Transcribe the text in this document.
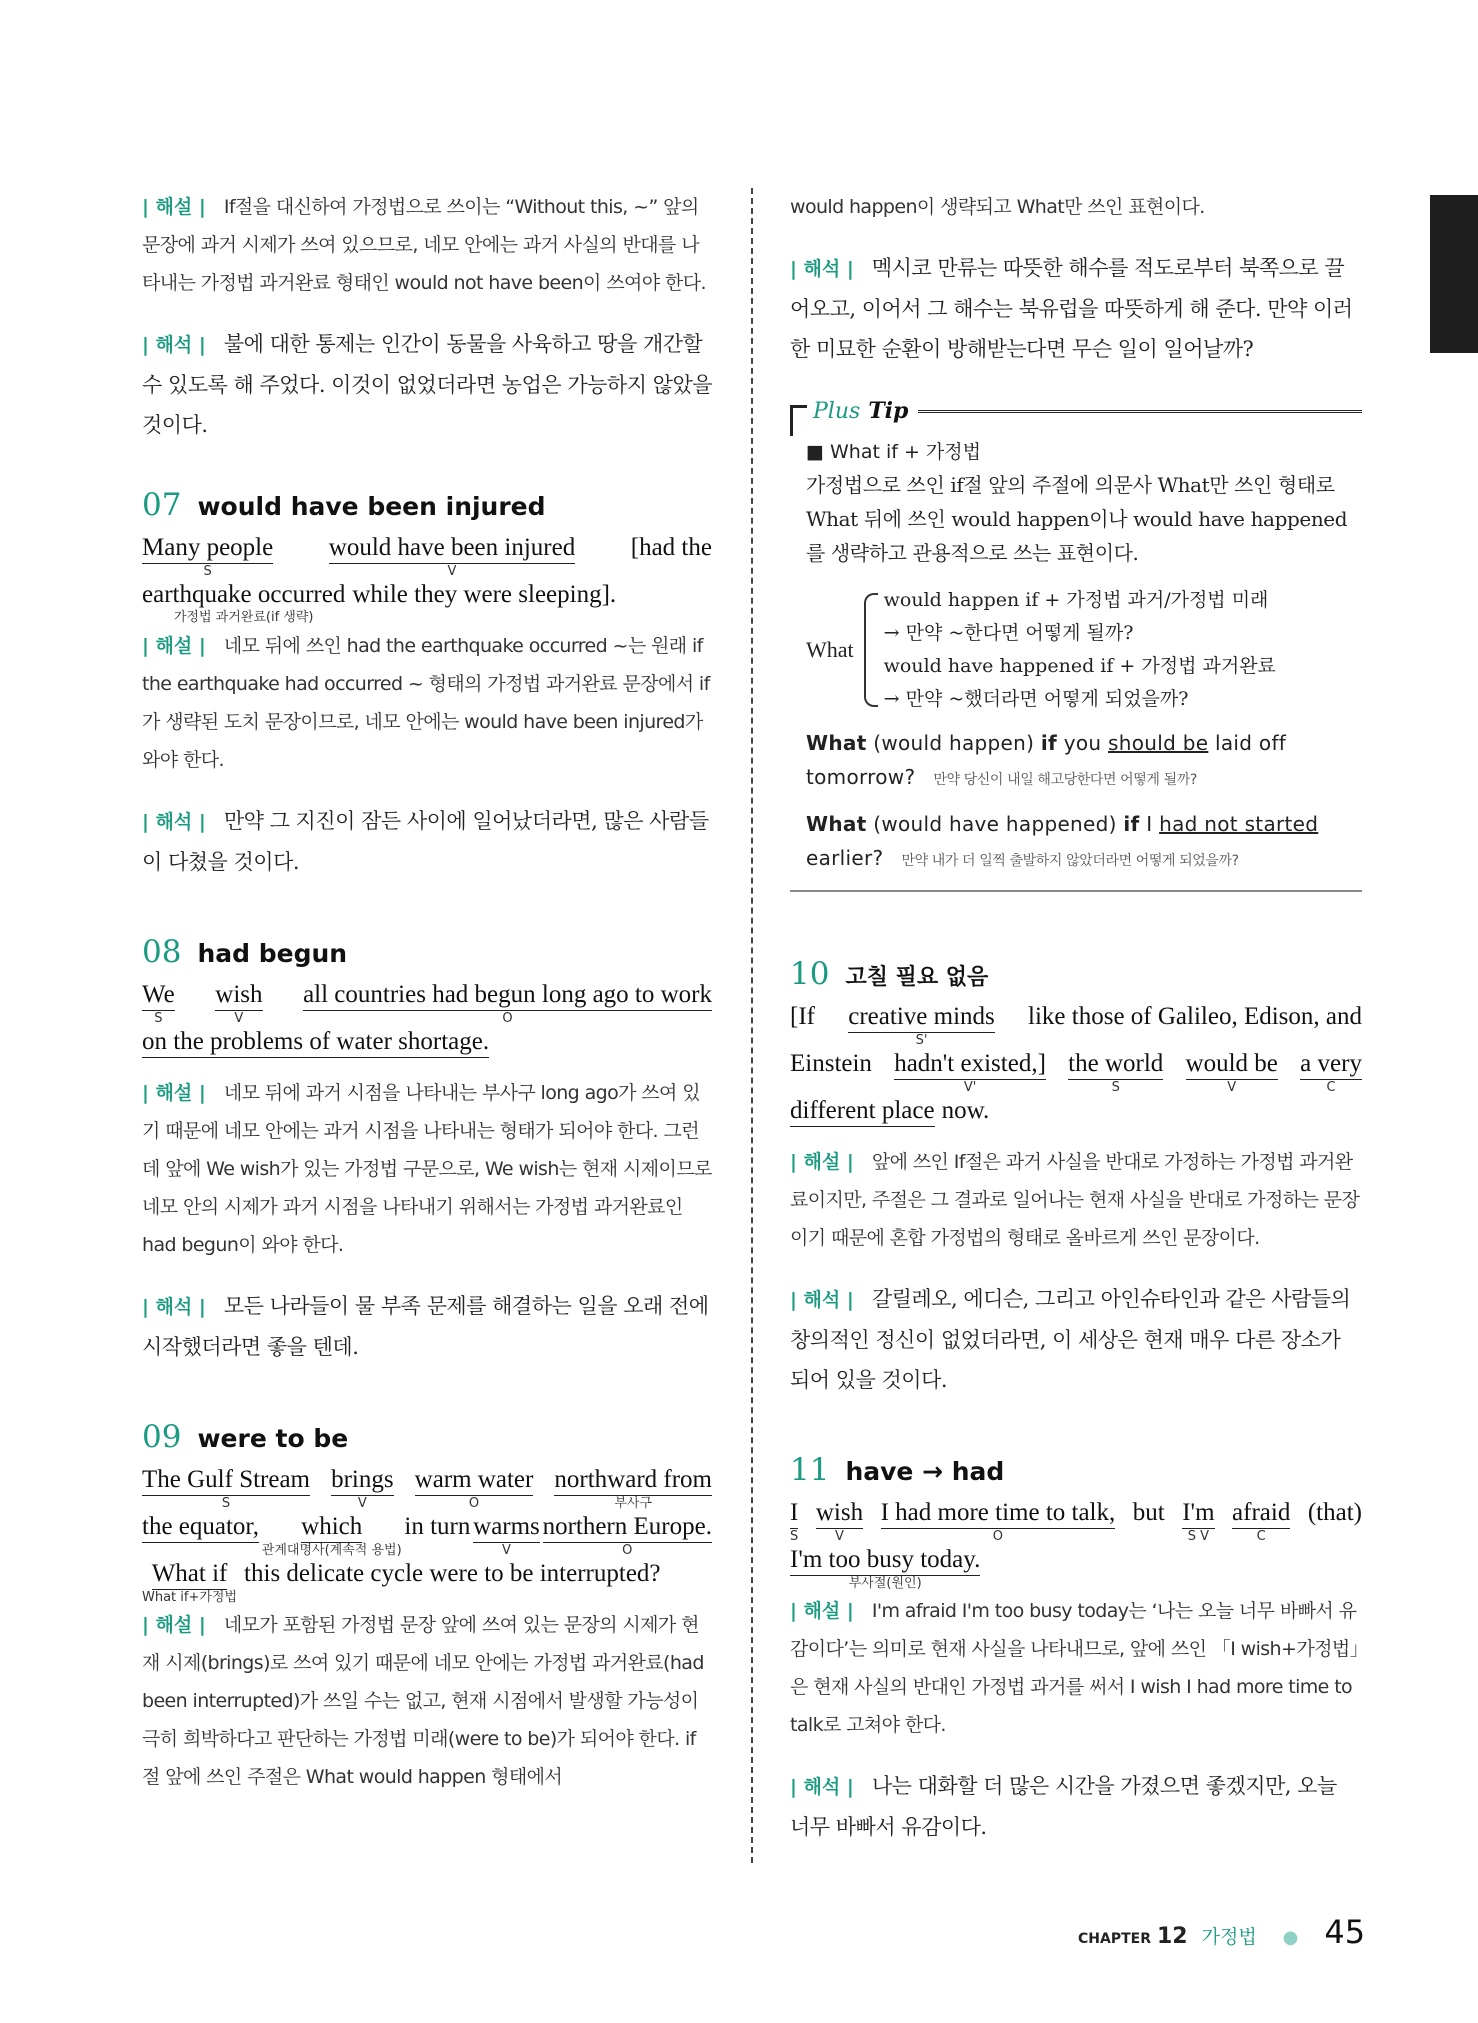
| 해설 | If절을 대신하여 가정법으로 쓰이는 “Without this, ~” 앞의 문장에 과거 시제가 쓰여 있으므로, 네모 안에는 과거 사실의 반대를 나타내는 가정법 과거완료 형태인 would not have been이 쓰여야 한다.

| 해석 | 불에 대한 통제는 인간이 동물을 사육하고 땅을 개간할 수 있도록 해 주었다. 이것이 없었더라면 농업은 가능하지 않았을 것이다.

07 would have been injured
Many people
S
would have been injured
V
[had the

earthquake occurred
가정법 과거완료(if 생략)
while they were sleeping].

| 해설 | 네모 뒤에 쓰인 had the earthquake occurred ~는 원래 if the earthquake had occurred ~ 형태의 가정법 과거완료 문장에서 if가 생략된 도치 문장이므로, 네모 안에는 would have been injured가 와야 한다.

| 해석 | 만약 그 지진이 잠든 사이에 일어났더라면, 많은 사람들이 다쳤을 것이다.

08 had begun
We
S
wish
V
all countries had begun long ago to work
O
on the problems of water shortage.

| 해설 | 네모 뒤에 과거 시점을 나타내는 부사구 long ago가 쓰여 있기 때문에 네모 안에는 과거 시점을 나타내는 형태가 되어야 한다. 그런데 앞에 We wish가 있는 가정법 구문으로, We wish는 현재 시제이므로 네모 안의 시제가 과거 시점을 나타내기 위해서는 가정법 과거완료인 had begun이 와야 한다.

| 해석 | 모든 나라들이 물 부족 문제를 해결하는 일을 오래 전에 시작했더라면 좋을 텐데.

09 were to be
The Gulf Stream
S
brings
V
warm water
O
northward from
부사구
the equator,
which
관계대명사(계속적 용법)
in turn
warms
V
northern Europe.
O
What if
What if+가정법
this delicate cycle were to be interrupted?

| 해설 | 네모가 포함된 가정법 문장 앞에 쓰여 있는 문장의 시제가 현재 시제(brings)로 쓰여 있기 때문에 네모 안에는 가정법 과거완료(had been interrupted)가 쓰일 수는 없고, 현재 시점에서 발생할 가능성이 극히 희박하다고 판단하는 가정법 미래(were to be)가 되어야 한다. if절 앞에 쓰인 주절은 What would happen 형태에서

would happen이 생략되고 What만 쓰인 표현이다.

| 해석 | 멕시코 만류는 따뜻한 해수를 적도로부터 북쪽으로 끌어오고, 이어서 그 해수는 북유럽을 따뜻하게 해 준다. 만약 이러한 미묘한 순환이 방해받는다면 무슨 일이 일어날까?

Plus Tip
■ What if + 가정법
가정법으로 쓰인 if절 앞의 주절에 의문사 What만 쓰인 형태로 What 뒤에 쓰인 would happen이나 would have happened를 생략하고 관용적으로 쓰는 표현이다.
What
would happen if + 가정법 과거/가정법 미래
→ 만약 ~한다면 어떻게 될까?
would have happened if + 가정법 과거완료
→ 만약 ~했더라면 어떻게 되었을까?
What (would happen) if you should be laid off
tomorrow? 만약 당신이 내일 해고당한다면 어떻게 될까?
What (would have happened) if I had not started
earlier? 만약 내가 더 일찍 출발하지 않았더라면 어떻게 되었을까?
10 고칠 필요 없음
[If
creative minds
S'
like those of Galileo, Edison, and

Einstein
hadn't existed,]
V'
the world
S
would be
V
a very
C
different place
now.

| 해설 | 앞에 쓰인 If절은 과거 사실을 반대로 가정하는 가정법 과거완료이지만, 주절은 그 결과로 일어나는 현재 사실을 반대로 가정하는 문장이기 때문에 혼합 가정법의 형태로 올바르게 쓰인 문장이다.

| 해석 | 갈릴레오, 에디슨, 그리고 아인슈타인과 같은 사람들의 창의적인 정신이 없었더라면, 이 세상은 현재 매우 다른 장소가 되어 있을 것이다.

11 have → had
I
S
wish
V
I had more time to talk,
O
but
I'm
S V
afraid
C
(that)

I'm too busy today.
부사절(원인)

| 해설 | I'm afraid I'm too busy today는 ‘나는 오늘 너무 바빠서 유감이다’는 의미로 현재 사실을 나타내므로, 앞에 쓰인 「I wish+가정법」은 현재 사실의 반대인 가정법 과거를 써서 I wish I had more time to talk로 고쳐야 한다.

| 해석 | 나는 대화할 더 많은 시간을 가졌으면 좋겠지만, 오늘 너무 바빠서 유감이다.

CHAPTER 12 가정법 ● 45
